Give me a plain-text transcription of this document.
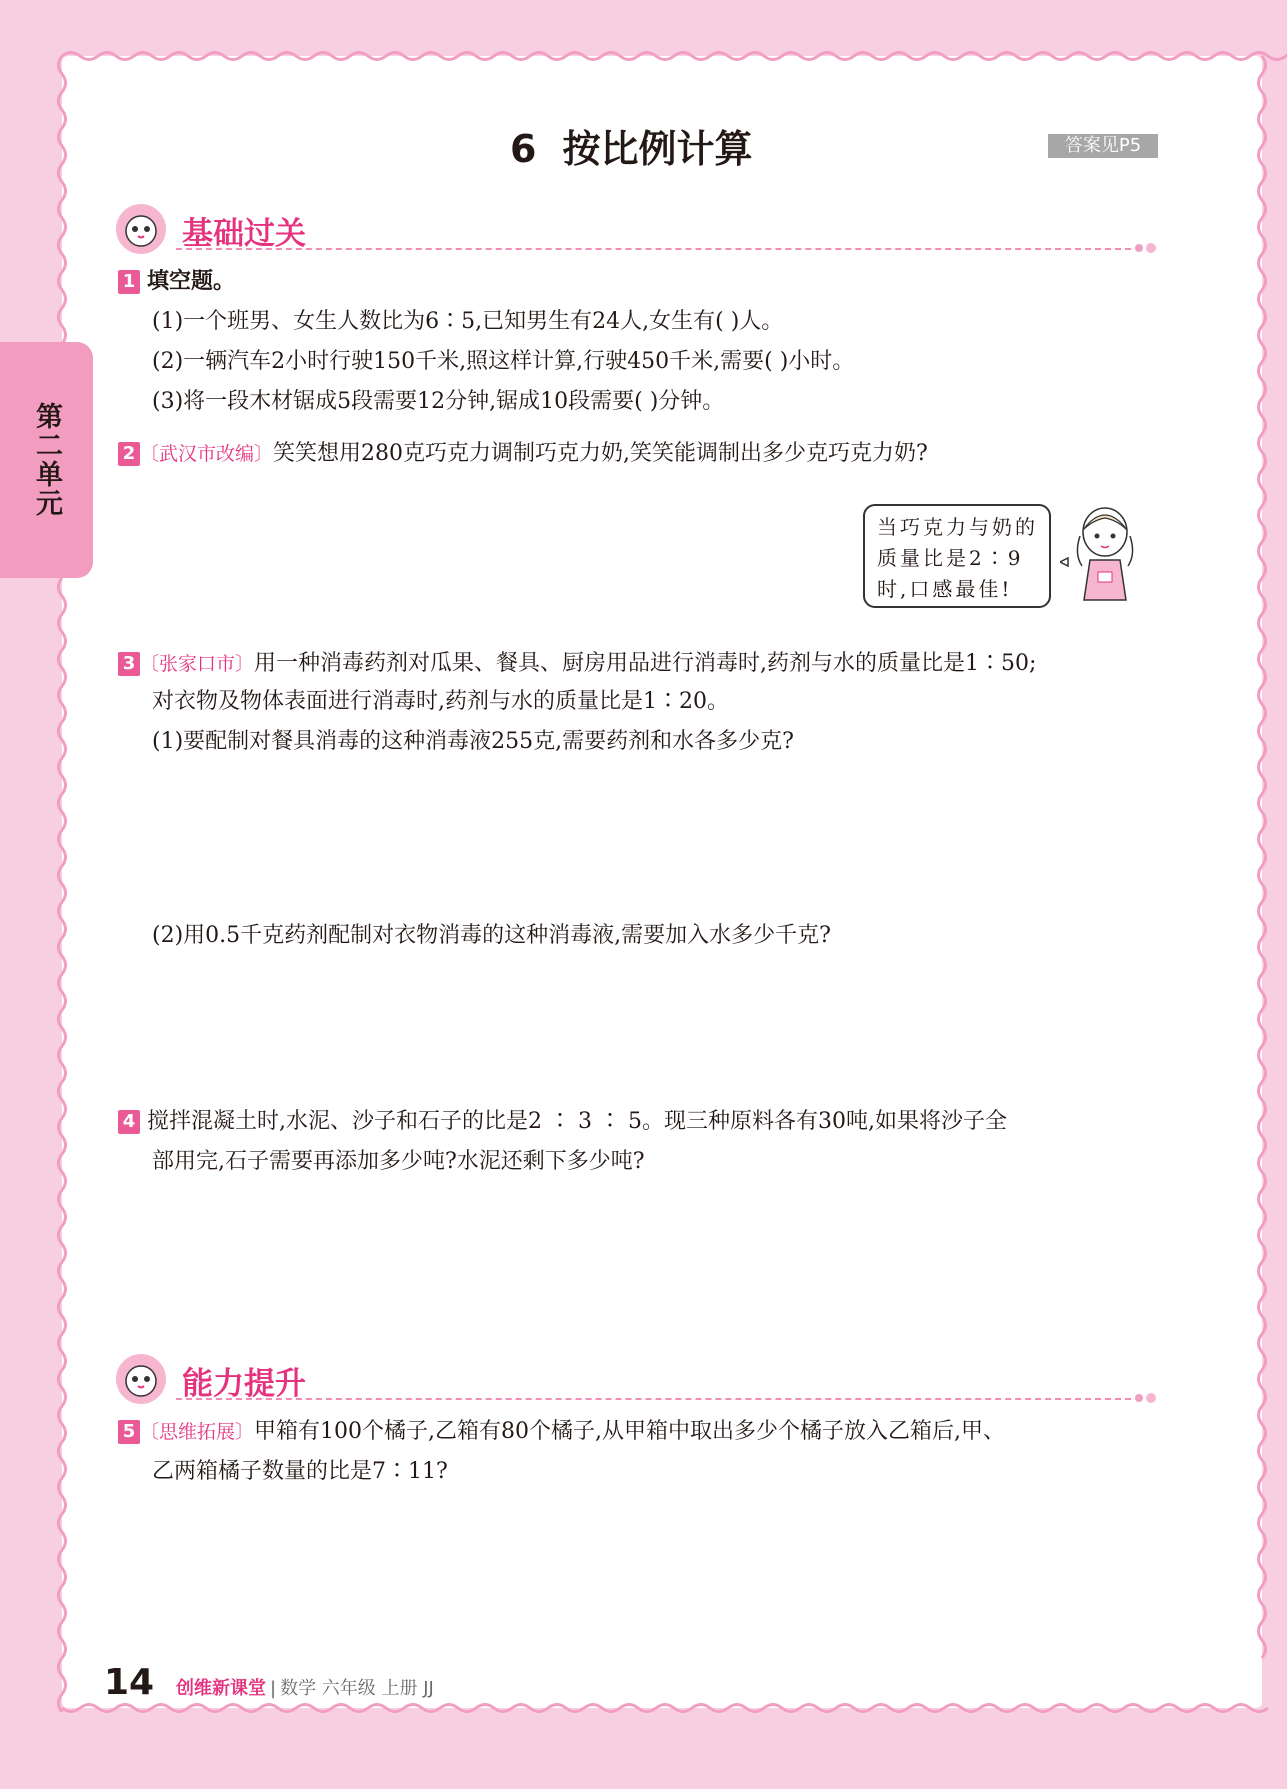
第二单元
6 按比例计算	答案见P5
基础过关
1 填空题。
(1)一个班男、女生人数比为6∶5,已知男生有24人,女生有( )人。
(2)一辆汽车2小时行驶150千米,照这样计算,行驶450千米,需要( )小时。
(3)将一段木材锯成5段需要12分钟,锯成10段需要( )分钟。
2 〔武汉市改编〕笑笑想用280克巧克力调制巧克力奶,笑笑能调制出多少克巧克力奶?
当巧克力与奶的
质量比是2∶9
时,口感最佳!
3 〔张家口市〕用一种消毒药剂对瓜果、餐具、厨房用品进行消毒时,药剂与水的质量比是1∶50;
对衣物及物体表面进行消毒时,药剂与水的质量比是1∶20。
(1)要配制对餐具消毒的这种消毒液255克,需要药剂和水各多少克?
(2)用0.5千克药剂配制对衣物消毒的这种消毒液,需要加入水多少千克?
4 搅拌混凝土时,水泥、沙子和石子的比是2 ∶ 3 ∶ 5。现三种原料各有30吨,如果将沙子全
部用完,石子需要再添加多少吨?水泥还剩下多少吨?
能力提升
5 〔思维拓展〕甲箱有100个橘子,乙箱有80个橘子,从甲箱中取出多少个橘子放入乙箱后,甲、
乙两箱橘子数量的比是7∶11?
14 创维新课堂 | 数学 六年级 上册 JJ
